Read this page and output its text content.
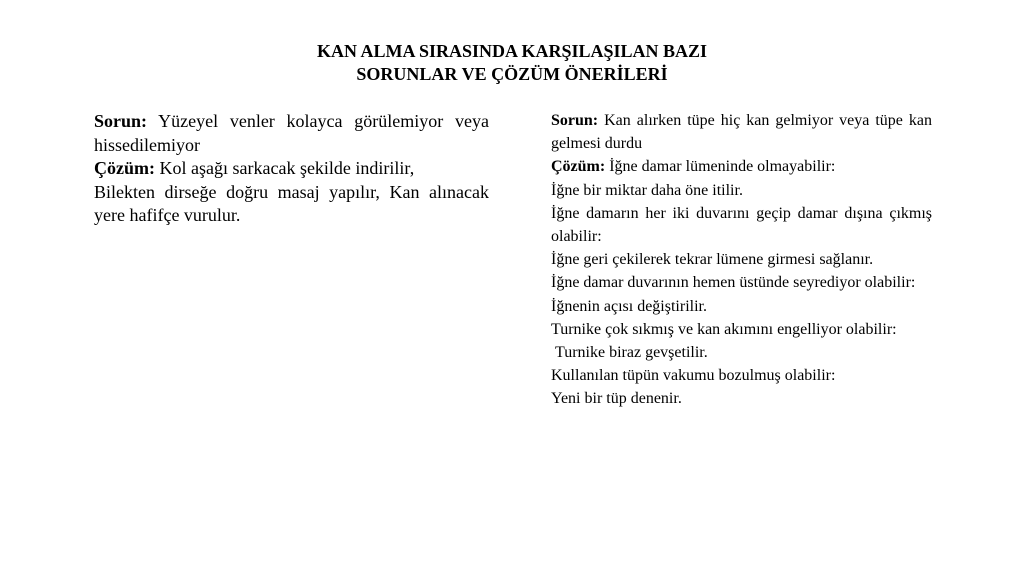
KAN ALMA SIRASINDA KARŞILAŞILAN BAZI
SORUNLAR VE ÇÖZÜM ÖNERİLERİ

Sorun: Yüzeyel venler kolayca görülemiyor veya hissedilemiyor

Çözüm: Kol aşağı sarkacak şekilde indirilir,

Bilekten dirseğe doğru masaj yapılır, Kan alınacak yere hafifçe vurulur.

Sorun: Kan alırken tüpe hiç kan gelmiyor veya tüpe kan gelmesi durdu

Çözüm: İğne damar lümeninde olmayabilir:

İğne bir miktar daha öne itilir.

İğne damarın her iki duvarını geçip damar dışına çıkmış olabilir:

İğne geri çekilerek tekrar lümene girmesi sağlanır.

İğne damar duvarının hemen üstünde seyrediyor olabilir:

İğnenin açısı değiştirilir.

Turnike çok sıkmış ve kan akımını engelliyor olabilir:

Turnike biraz gevşetilir.

Kullanılan tüpün vakumu bozulmuş olabilir:

Yeni bir tüp denenir.
